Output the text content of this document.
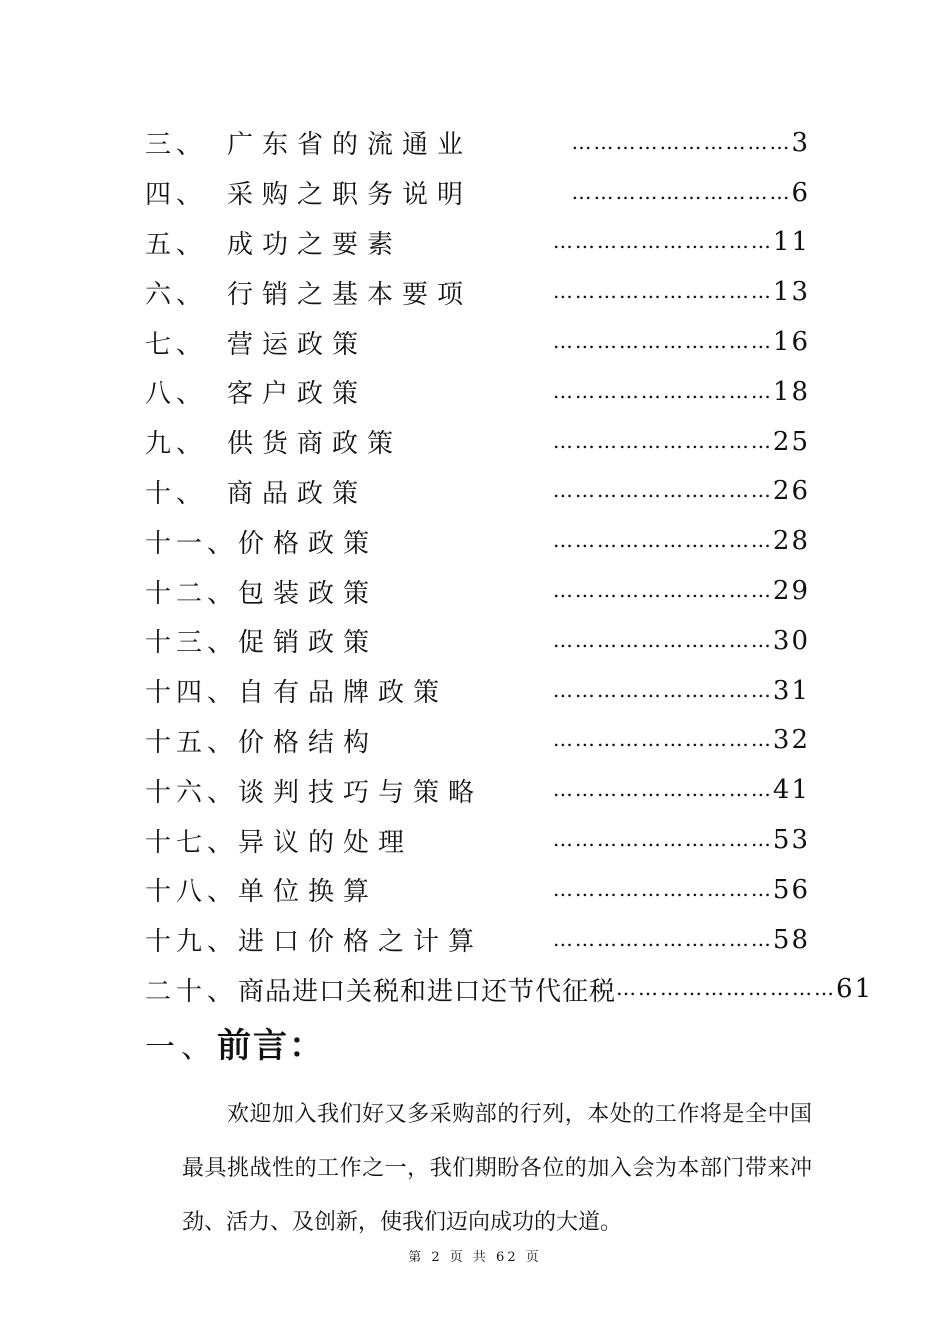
三、 广东省的流通业	………………………… 3
四、 采购之职务说明	………………………… 6
五、 成功之要素	………………………… 11
六、 行销之基本要项	………………………… 13
七、 营运政策	………………………… 16
八、 客户政策	………………………… 18
九、 供货商政策	………………………… 25
十、 商品政策	………………………… 26
十一、 价格政策	………………………… 28
十二、 包装政策	………………………… 29
十三、 促销政策	………………………… 30
十四、 自有品牌政策	………………………… 31
十五、 价格结构	………………………… 32
十六、 谈判技巧与策略	………………………… 41
十七、 异议的处理	………………………… 53
十八、 单位换算	………………………… 56
十九、 进口价格之计算	………………………… 58
二十、 商品进口关税和进口还节代征税 ………………………… 61
一、 前言：

欢迎加入我们好又多采购部的行列，本处的工作将是全中国最具挑战性的工作之一，我们期盼各位的加入会为本部门带来冲劲、活力、及创新，使我们迈向成功的大道。

第 2 页 共 62 页
